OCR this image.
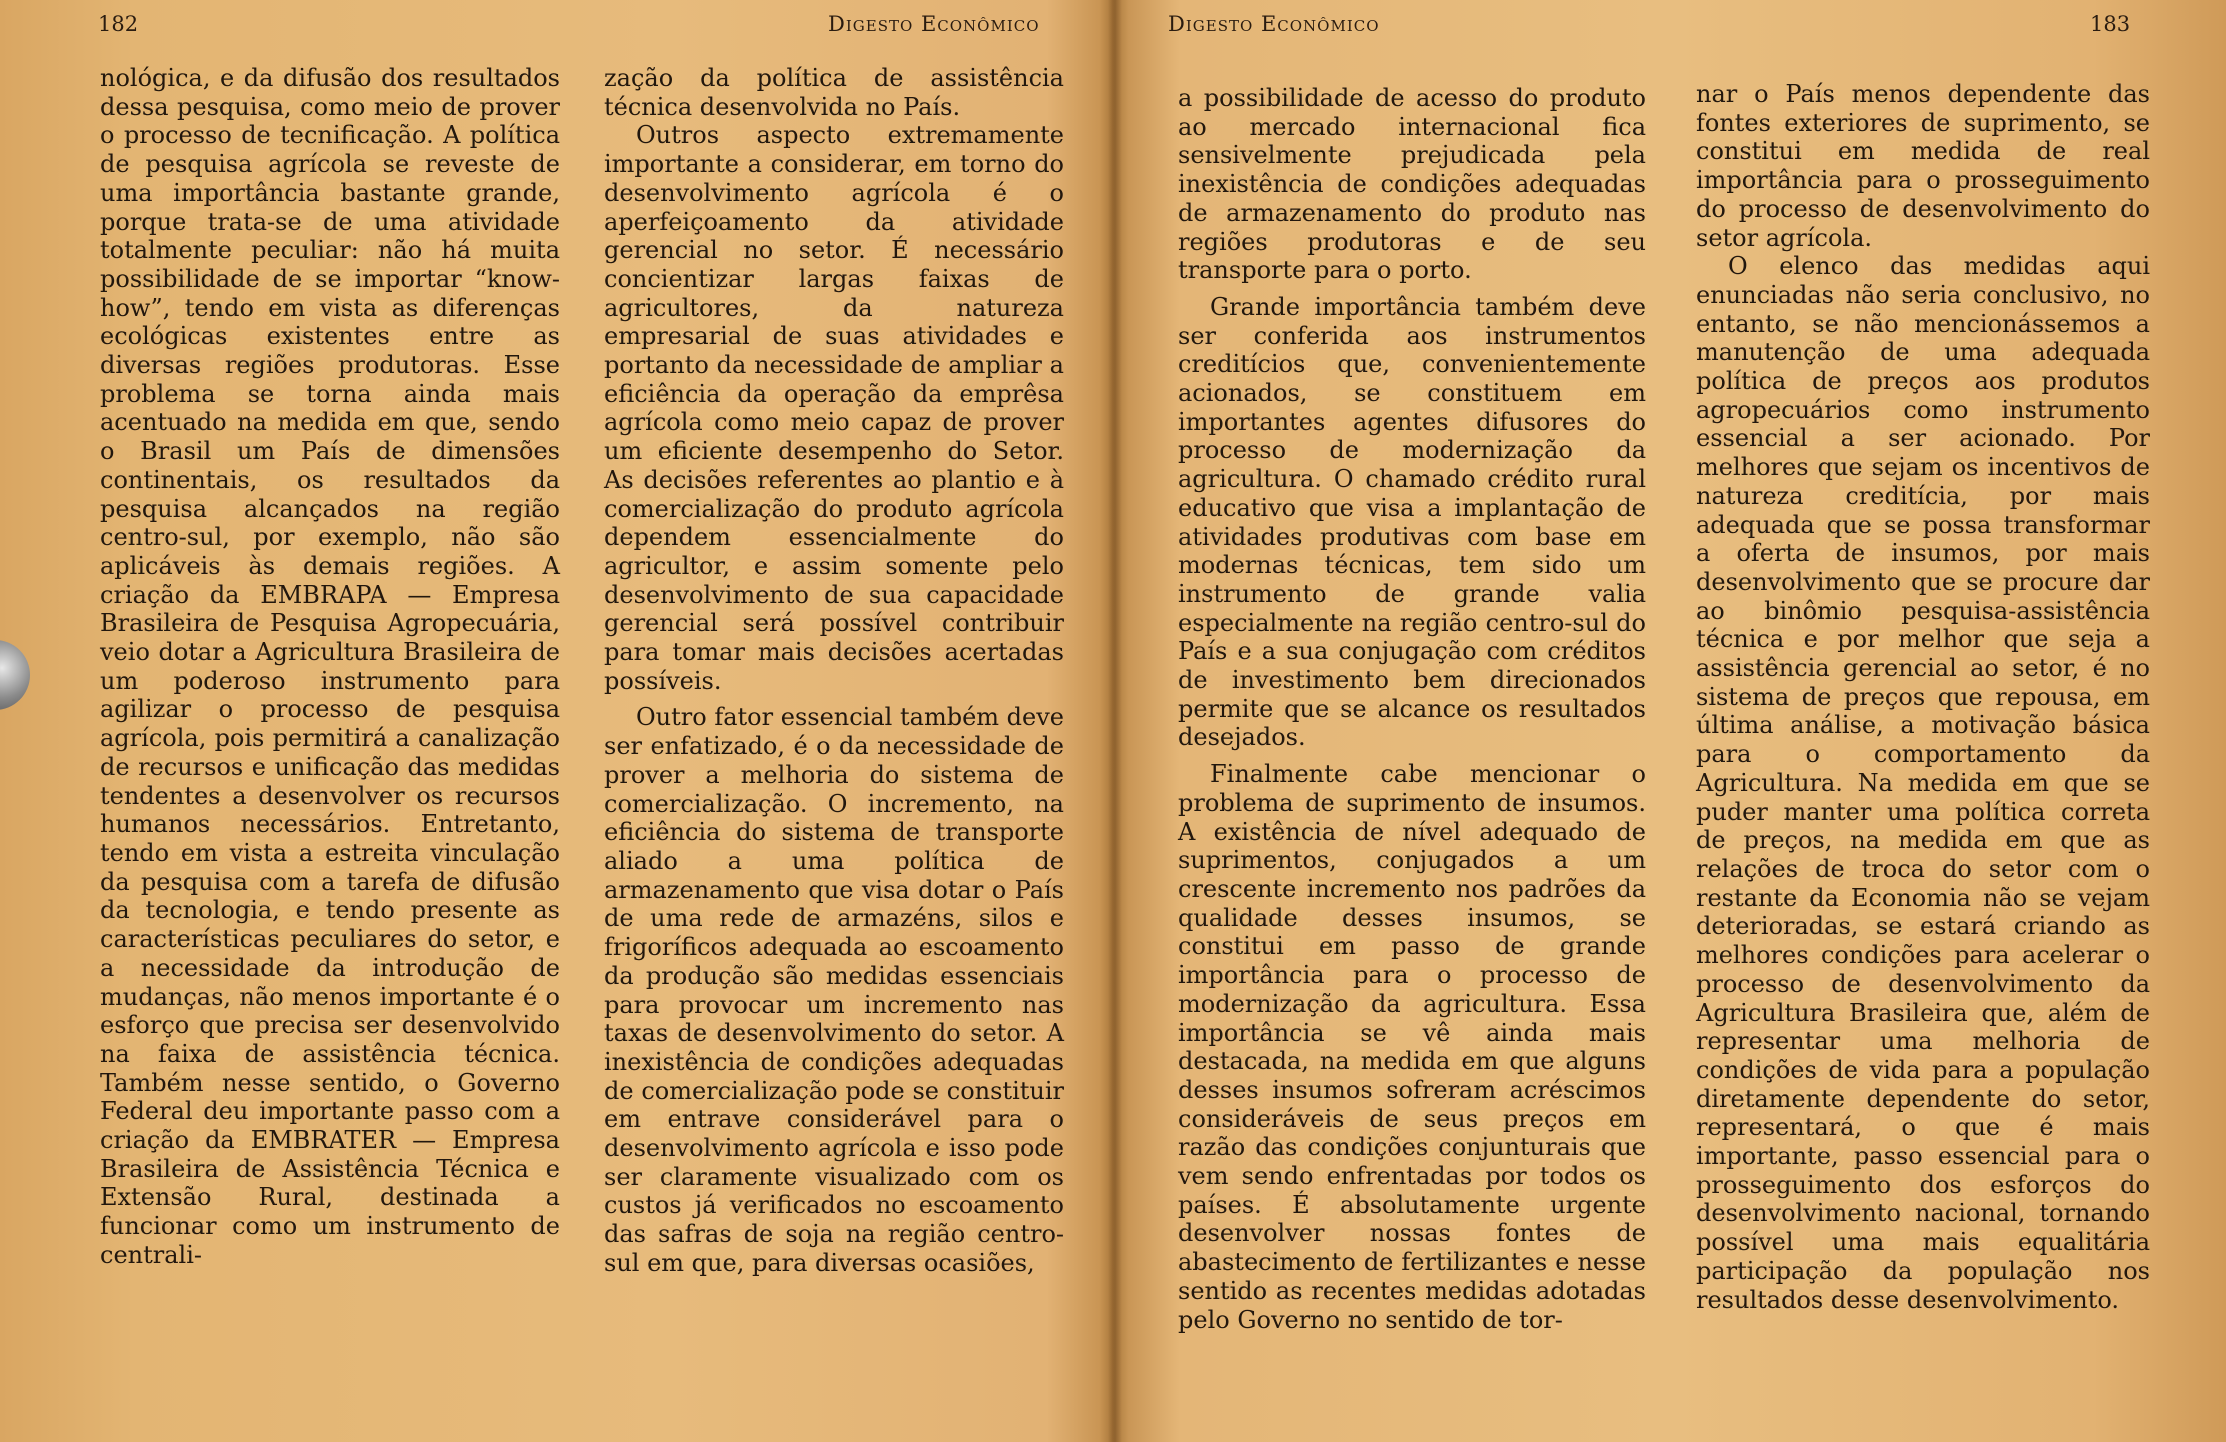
182	Digesto Econômico

nológica, e da difusão dos resultados dessa pesquisa, como meio de prover o processo de tecnificação. A política de pesquisa agrícola se reveste de uma importância bastante grande, porque trata-se de uma atividade totalmente peculiar: não há muita possibilidade de se importar “know-how”, tendo em vista as diferenças ecológicas existentes entre as diversas regiões produtoras. Esse problema se torna ainda mais acentuado na medida em que, sendo o Brasil um País de dimensões continentais, os resultados da pesquisa alcançados na região centro-sul, por exemplo, não são aplicáveis às demais regiões. A criação da EMBRAPA — Empresa Brasileira de Pesquisa Agropecuária, veio dotar a Agricultura Brasileira de um poderoso instrumento para agilizar o processo de pesquisa agrícola, pois permitirá a canalização de recursos e unificação das medidas tendentes a desenvolver os recursos humanos necessários. Entretanto, tendo em vista a estreita vinculação da pesquisa com a tarefa de difusão da tecnologia, e tendo presente as características peculiares do setor, e a necessidade da introdução de mudanças, não menos importante é o esforço que precisa ser desenvolvido na faixa de assistência técnica. Também nesse sentido, o Governo Federal deu importante passo com a criação da EMBRATER — Empresa Brasileira de Assistência Técnica e Extensão Rural, destinada a funcionar como um instrumento de centrali-

zação da política de assistência técnica desenvolvida no País.

Outros aspecto extremamente importante a considerar, em torno do desenvolvimento agrícola é o aperfeiçoamento da atividade gerencial no setor. É necessário concientizar largas faixas de agricultores, da natureza empresarial de suas atividades e portanto da necessidade de ampliar a eficiência da operação da emprêsa agrícola como meio capaz de prover um eficiente desempenho do Setor. As decisões referentes ao plantio e à comercialização do produto agrícola dependem essencialmente do agricultor, e assim somente pelo desenvolvimento de sua capacidade gerencial será possível contribuir para tomar mais decisões acertadas possíveis.

Outro fator essencial também deve ser enfatizado, é o da necessidade de prover a melhoria do sistema de comercialização. O incremento, na eficiência do sistema de transporte aliado a uma política de armazenamento que visa dotar o País de uma rede de armazéns, silos e frigoríficos adequada ao escoamento da produção são medidas essenciais para provocar um incremento nas taxas de desenvolvimento do setor. A inexistência de condições adequadas de comercialização pode se constituir em entrave considerável para o desenvolvimento agrícola e isso pode ser claramente visualizado com os custos já verificados no escoamento das safras de soja na região centro-sul em que, para diversas ocasiões,

Digesto Econômico	183

a possibilidade de acesso do produto ao mercado internacional fica sensivelmente prejudicada pela inexistência de condições adequadas de armazenamento do produto nas regiões produtoras e de seu transporte para o porto.

Grande importância também deve ser conferida aos instrumentos creditícios que, convenientemente acionados, se constituem em importantes agentes difusores do processo de modernização da agricultura. O chamado crédito rural educativo que visa a implantação de atividades produtivas com base em modernas técnicas, tem sido um instrumento de grande valia especialmente na região centro-sul do País e a sua conjugação com créditos de investimento bem direcionados permite que se alcance os resultados desejados.

Finalmente cabe mencionar o problema de suprimento de insumos. A existência de nível adequado de suprimentos, conjugados a um crescente incremento nos padrões da qualidade desses insumos, se constitui em passo de grande importância para o processo de modernização da agricultura. Essa importância se vê ainda mais destacada, na medida em que alguns desses insumos sofreram acréscimos consideráveis de seus preços em razão das condições conjunturais que vem sendo enfrentadas por todos os países. É absolutamente urgente desenvolver nossas fontes de abastecimento de fertilizantes e nesse sentido as recentes medidas adotadas pelo Governo no sentido de tor-

nar o País menos dependente das fontes exteriores de suprimento, se constitui em medida de real importância para o prosseguimento do processo de desenvolvimento do setor agrícola.

O elenco das medidas aqui enunciadas não seria conclusivo, no entanto, se não mencionássemos a manutenção de uma adequada política de preços aos produtos agropecuários como instrumento essencial a ser acionado. Por melhores que sejam os incentivos de natureza creditícia, por mais adequada que se possa transformar a oferta de insumos, por mais desenvolvimento que se procure dar ao binômio pesquisa-assistência técnica e por melhor que seja a assistência gerencial ao setor, é no sistema de preços que repousa, em última análise, a motivação básica para o comportamento da Agricultura. Na medida em que se puder manter uma política correta de preços, na medida em que as relações de troca do setor com o restante da Economia não se vejam deterioradas, se estará criando as melhores condições para acelerar o processo de desenvolvimento da Agricultura Brasileira que, além de representar uma melhoria de condições de vida para a população diretamente dependente do setor, representará, o que é mais importante, passo essencial para o prosseguimento dos esforços do desenvolvimento nacional, tornando possível uma mais equalitária participação da população nos resultados desse desenvolvimento.
